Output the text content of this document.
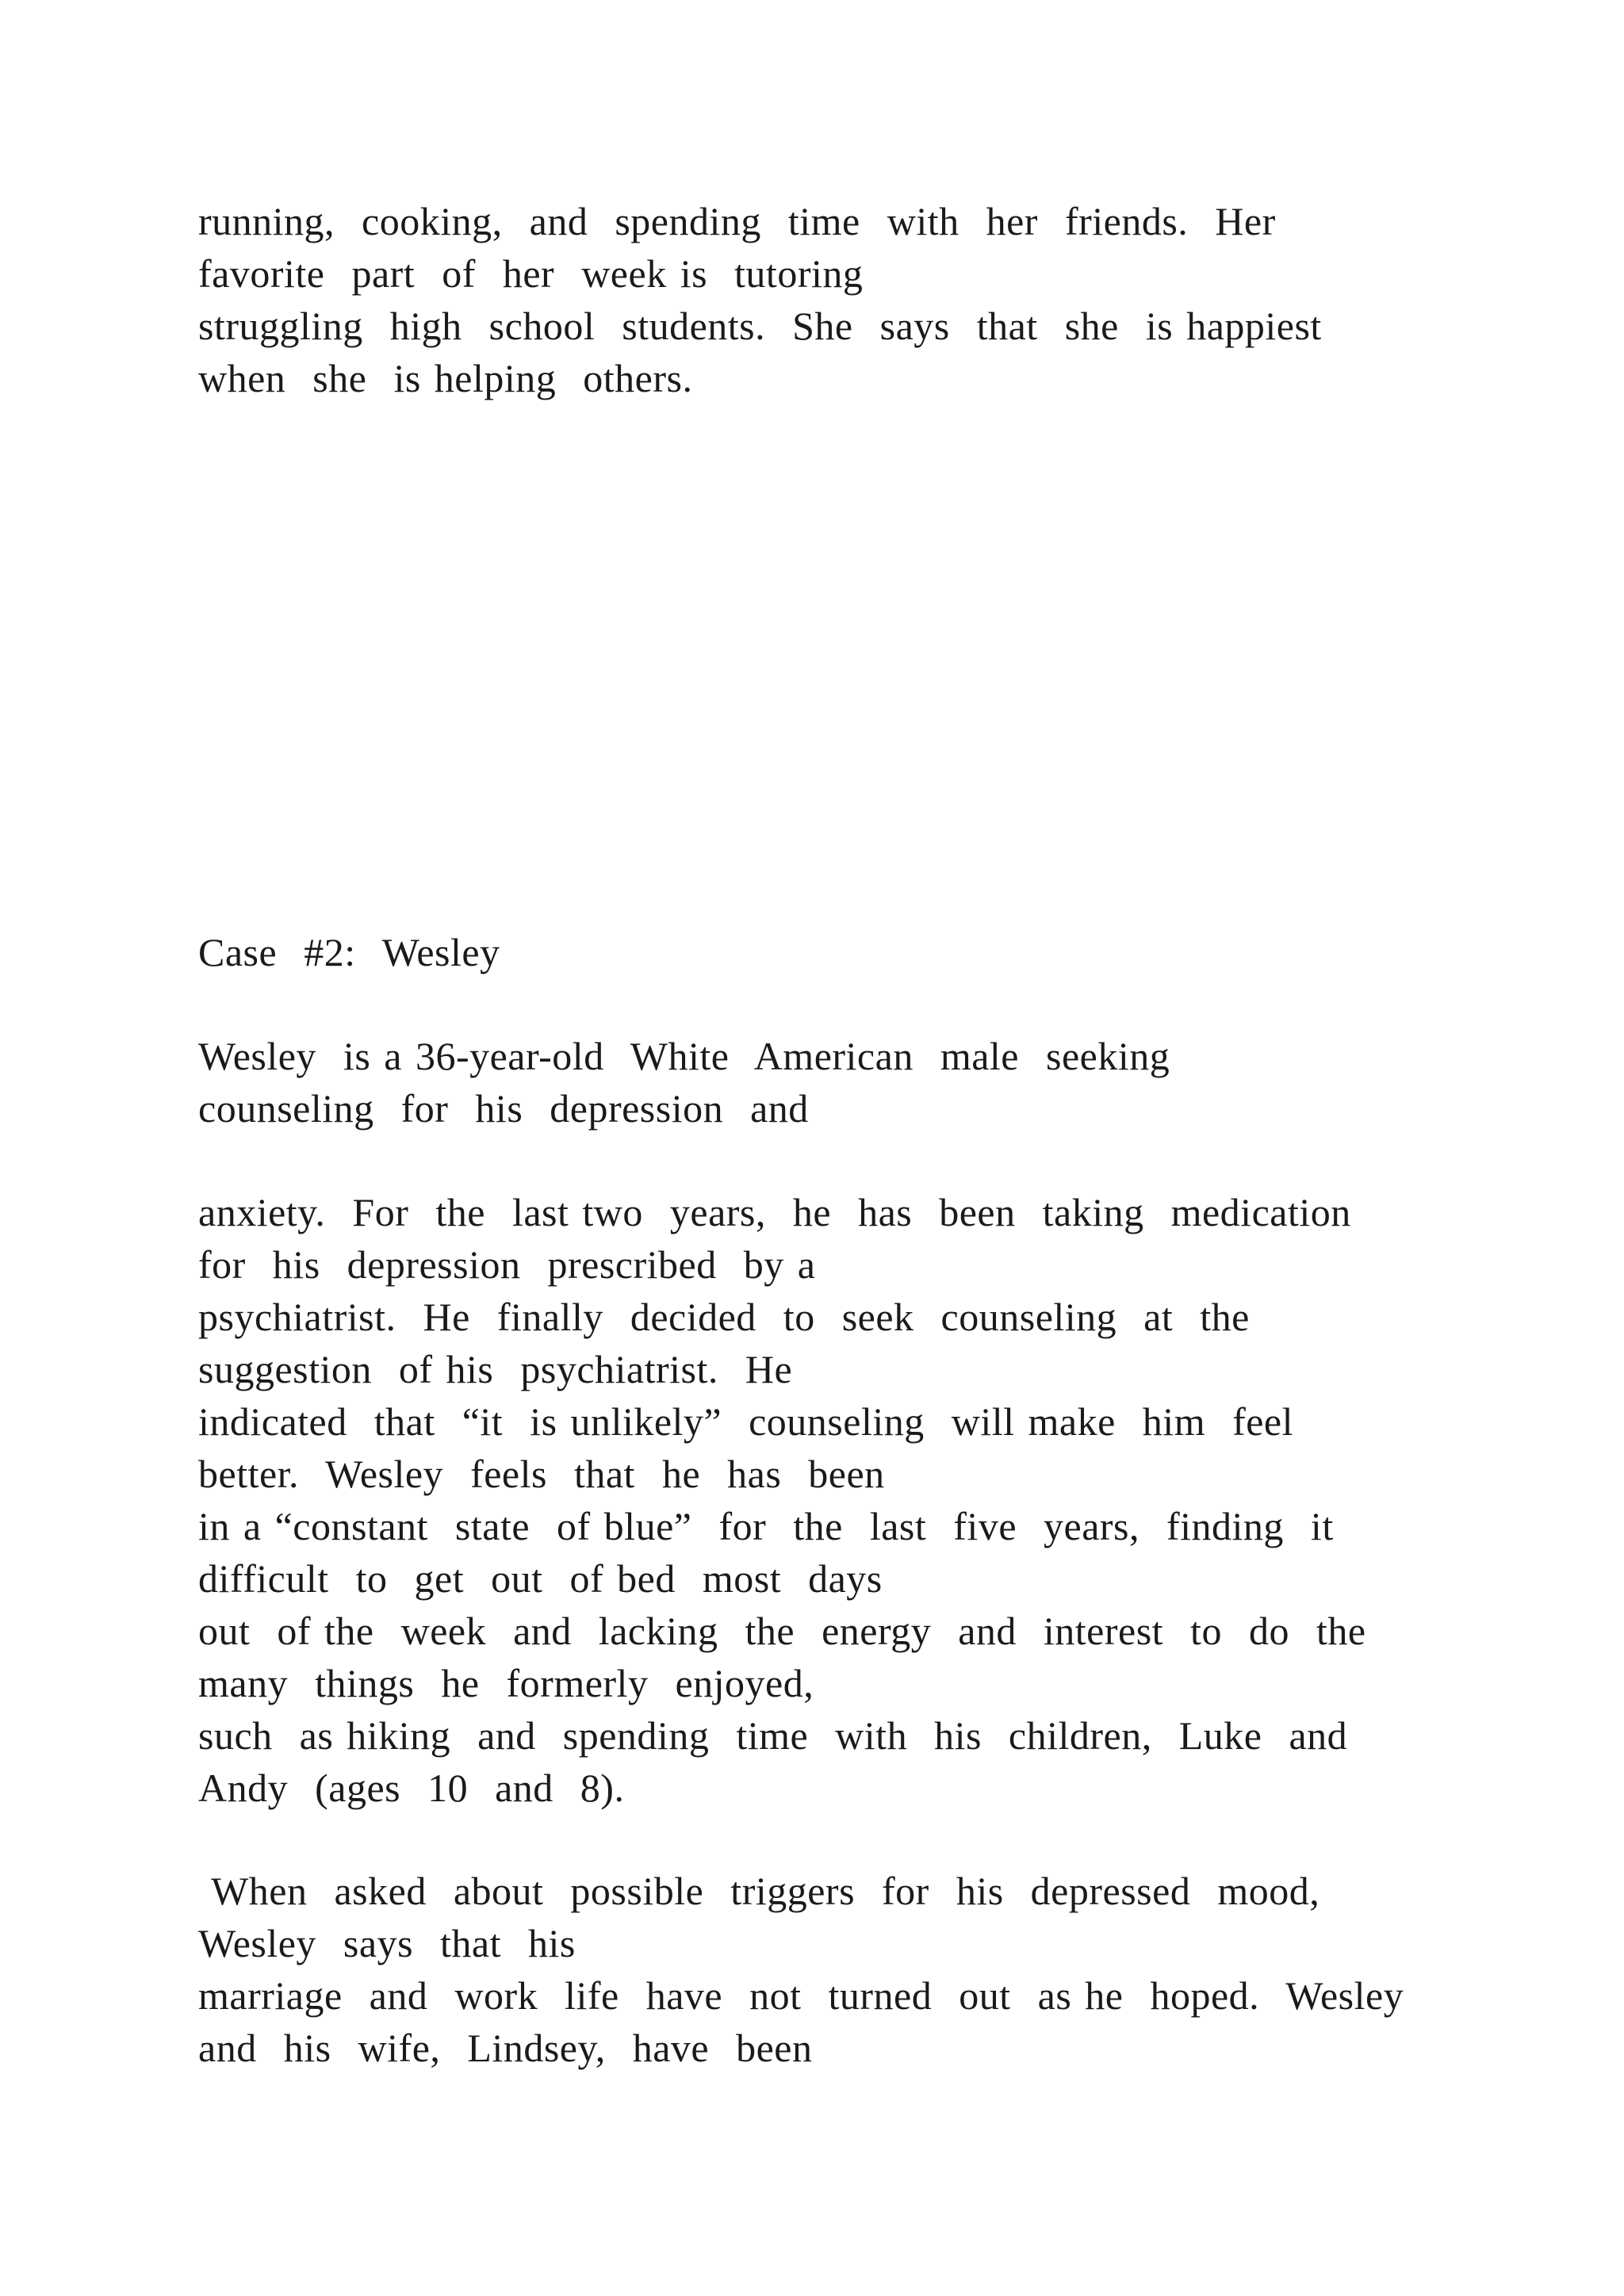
running,  cooking,  and  spending  time  with  her  friends.  Her
favorite  part  of  her  week is  tutoring
struggling  high  school  students.  She  says  that  she  is happiest
when  she  is helping  others.
Case  #2:  Wesley
Wesley  is a 36-year-old  White  American  male  seeking
counseling  for  his  depression  and
anxiety.  For  the  last two  years,  he  has  been  taking  medication
for  his  depression  prescribed  by a
psychiatrist.  He  finally  decided  to  seek  counseling  at  the
suggestion  of his  psychiatrist.  He
indicated  that  “it  is unlikely”  counseling  will make  him  feel
better.  Wesley  feels  that  he  has  been
in a “constant  state  of blue”  for  the  last  five  years,  finding  it
difficult  to  get  out  of bed  most  days
out  of the  week  and  lacking  the  energy  and  interest  to  do  the
many  things  he  formerly  enjoyed,
such  as hiking  and  spending  time  with  his  children,  Luke  and
Andy  (ages  10  and  8).
When  asked  about  possible  triggers  for  his  depressed  mood,
Wesley  says  that  his
marriage  and  work  life  have  not  turned  out  as he  hoped.  Wesley
and  his  wife,  Lindsey,  have  been
